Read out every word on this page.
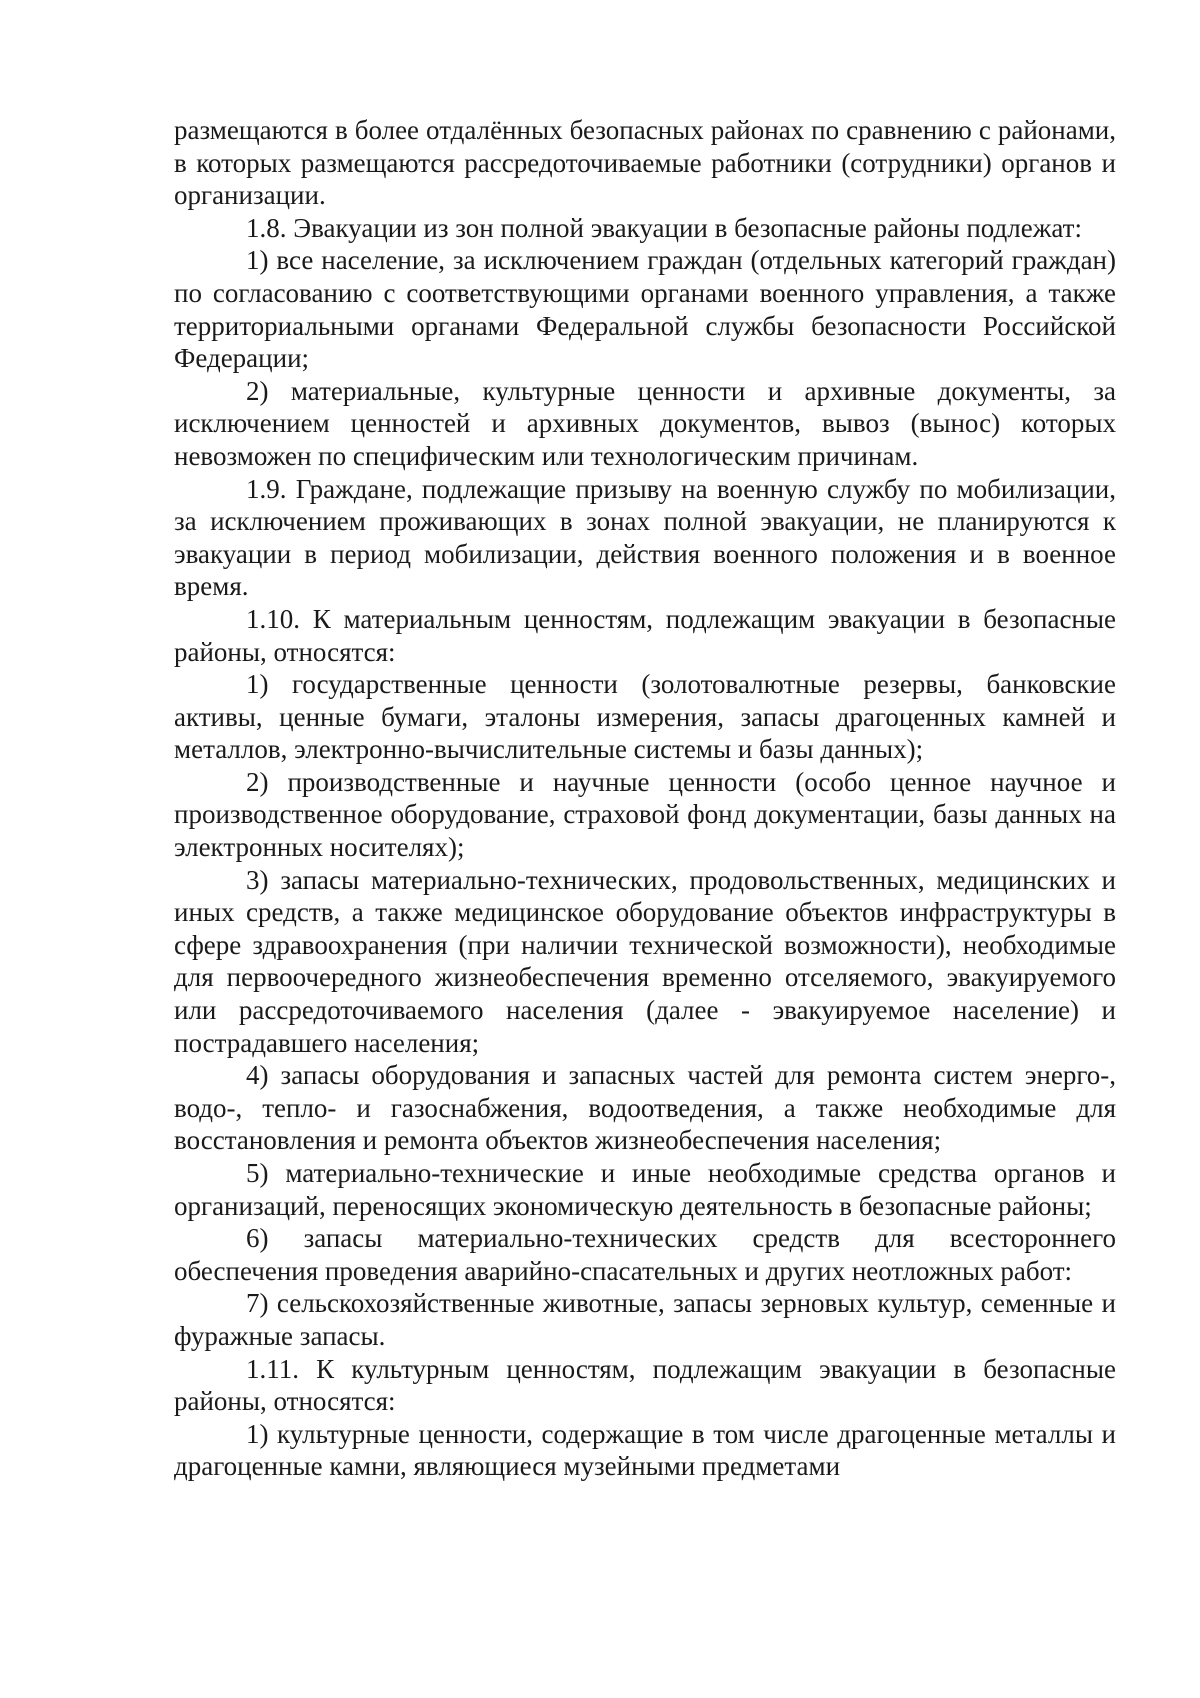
размещаются в более отдалённых безопасных районах по сравнению с районами, в которых размещаются рассредоточиваемые работники (сотрудники) органов и организации.

1.8. Эвакуации из зон полной эвакуации в безопасные районы подлежат:

1) все население, за исключением граждан (отдельных категорий граждан) по согласованию с соответствующими органами военного управления, а также территориальными органами Федеральной службы безопасности Российской Федерации;

2) материальные, культурные ценности и архивные документы, за исключением ценностей и архивных документов, вывоз (вынос) которых невозможен по специфическим или технологическим причинам.

1.9. Граждане, подлежащие призыву на военную службу по мобилизации, за исключением проживающих в зонах полной эвакуации, не планируются к эвакуации в период мобилизации, действия военного положения и в военное время.

1.10. К материальным ценностям, подлежащим эвакуации в безопасные районы, относятся:

1) государственные ценности (золотовалютные резервы, банковские активы, ценные бумаги, эталоны измерения, запасы драгоценных камней и металлов, электронно-вычислительные системы и базы данных);

2) производственные и научные ценности (особо ценное научное и производственное оборудование, страховой фонд документации, базы данных на электронных носителях);

3) запасы материально-технических, продовольственных, медицинских и иных средств, а также медицинское оборудование объектов инфраструктуры в сфере здравоохранения (при наличии технической возможности), необходимые для первоочередного жизнеобеспечения временно отселяемого, эвакуируемого или рассредоточиваемого населения (далее - эвакуируемое население) и пострадавшего населения;

4) запасы оборудования и запасных частей для ремонта систем энерго-, водо-, тепло- и газоснабжения, водоотведения, а также необходимые для восстановления и ремонта объектов жизнеобеспечения населения;

5) материально-технические и иные необходимые средства органов и организаций, переносящих экономическую деятельность в безопасные районы;

6) запасы материально-технических средств для всестороннего обеспечения проведения аварийно-спасательных и других неотложных работ:

7) сельскохозяйственные животные, запасы зерновых культур, семенные и фуражные запасы.

1.11. К культурным ценностям, подлежащим эвакуации в безопасные районы, относятся:

1) культурные ценности, содержащие в том числе драгоценные металлы и драгоценные камни, являющиеся музейными предметами
